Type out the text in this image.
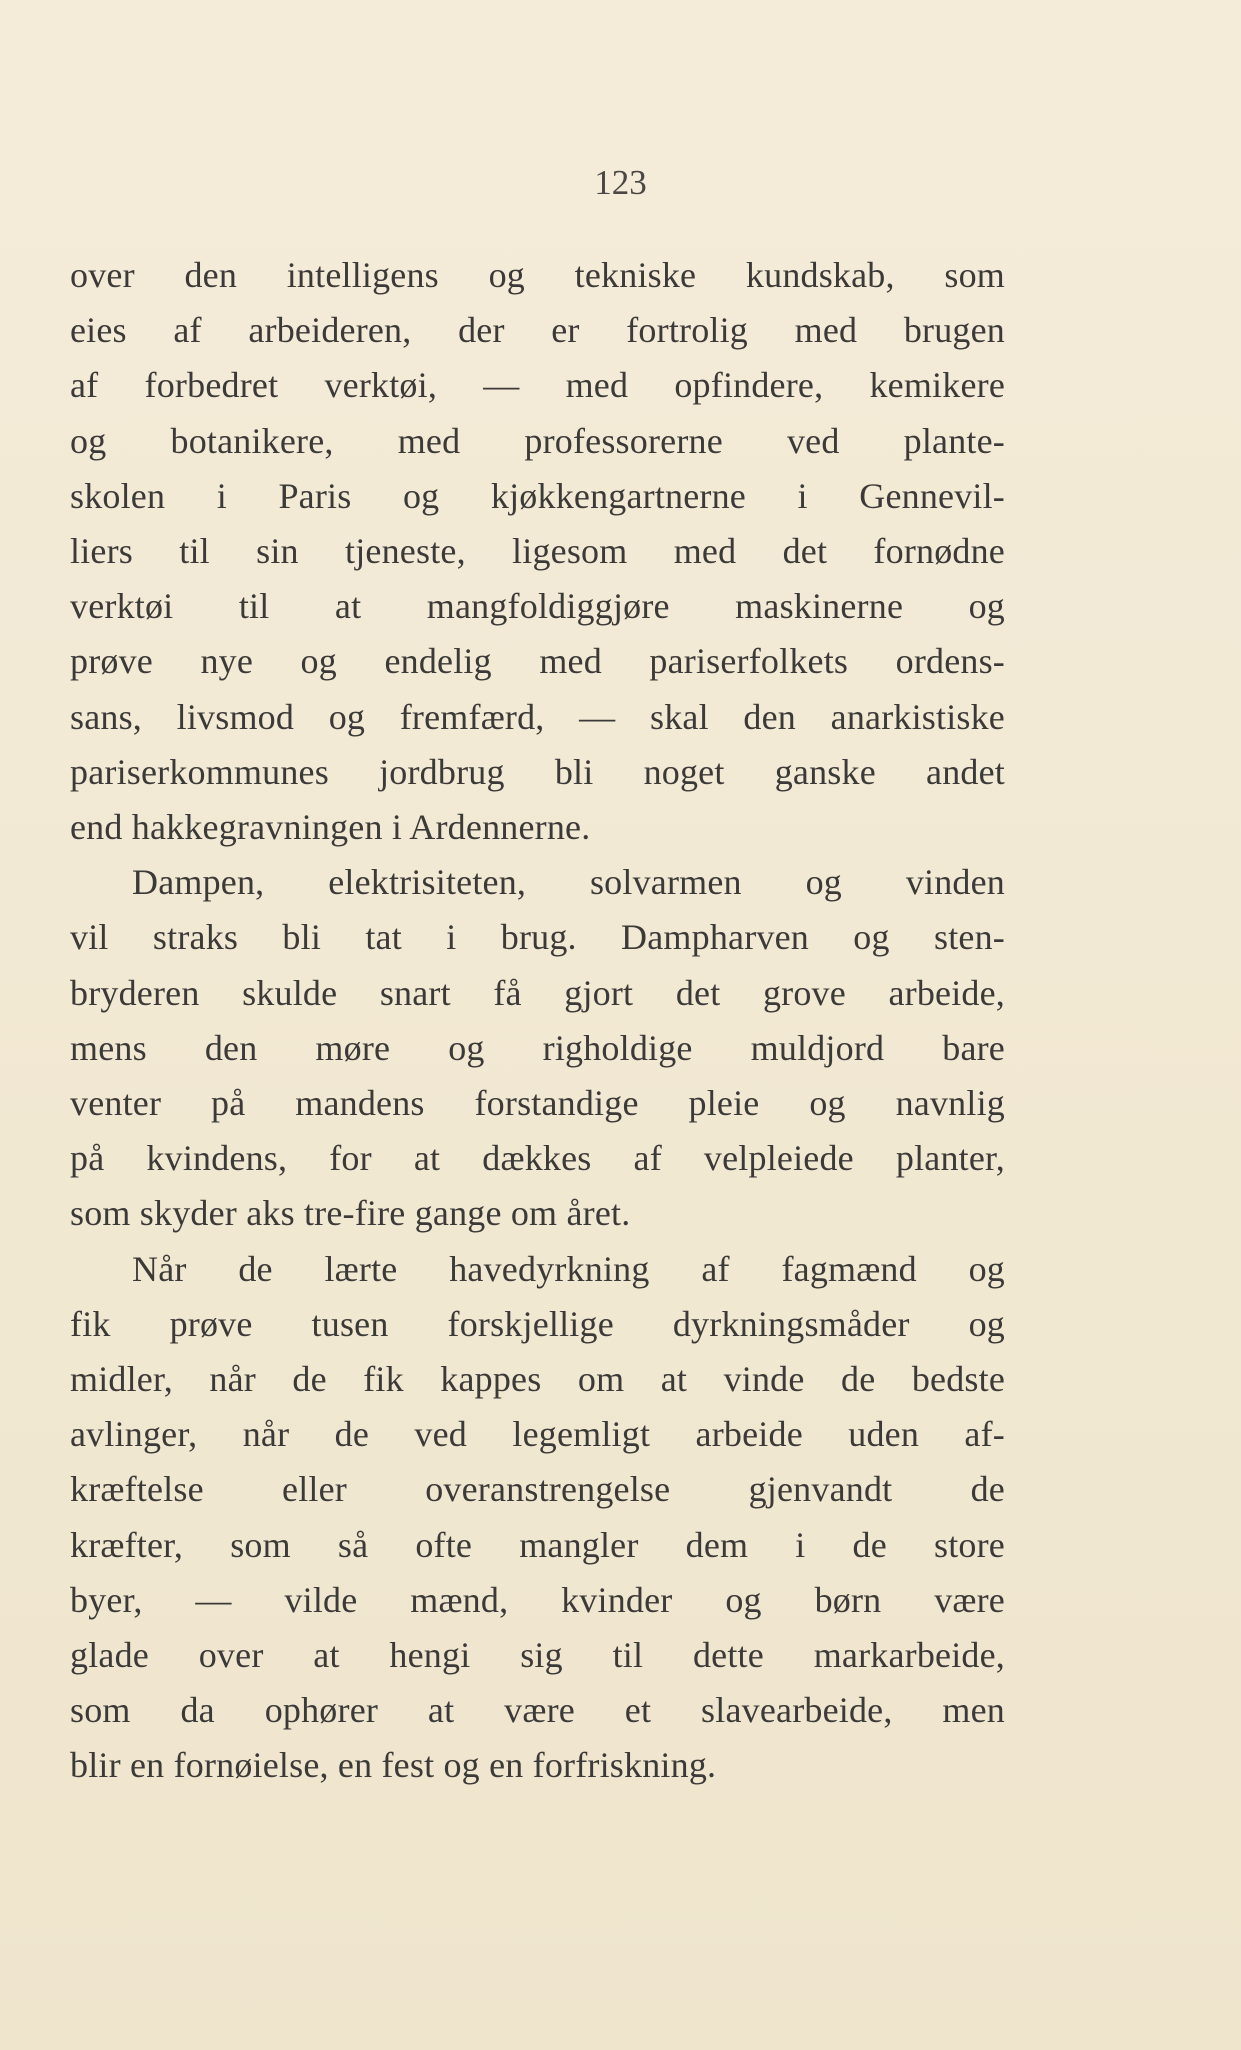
123
over den intelligens og tekniske kundskab, som
eies af arbeideren, der er fortrolig med brugen
af forbedret verktøi, — med opfindere, kemikere
og botanikere, med professorerne ved plante-
skolen i Paris og kjøkkengartnerne i Gennevil-
liers til sin tjeneste, ligesom med det fornødne
verktøi til at mangfoldiggjøre maskinerne og
prøve nye og endelig med pariserfolkets ordens-
sans, livsmod og fremfærd, — skal den anarkistiske
pariserkommunes jordbrug bli noget ganske andet
end hakkegravningen i Ardennerne.
Dampen, elektrisiteten, solvarmen og vinden
vil straks bli tat i brug. Dampharven og sten-
bryderen skulde snart få gjort det grove arbeide,
mens den møre og righoldige muldjord bare
venter på mandens forstandige pleie og navnlig
på kvindens, for at dækkes af velpleiede planter,
som skyder aks tre-fire gange om året.
Når de lærte havedyrkning af fagmænd og
fik prøve tusen forskjellige dyrkningsmåder og
midler, når de fik kappes om at vinde de bedste
avlinger, når de ved legemligt arbeide uden af-
kræftelse eller overanstrengelse gjenvandt de
kræfter, som så ofte mangler dem i de store
byer, — vilde mænd, kvinder og børn være
glade over at hengi sig til dette markarbeide,
som da ophører at være et slavearbeide, men
blir en fornøielse, en fest og en forfriskning.
